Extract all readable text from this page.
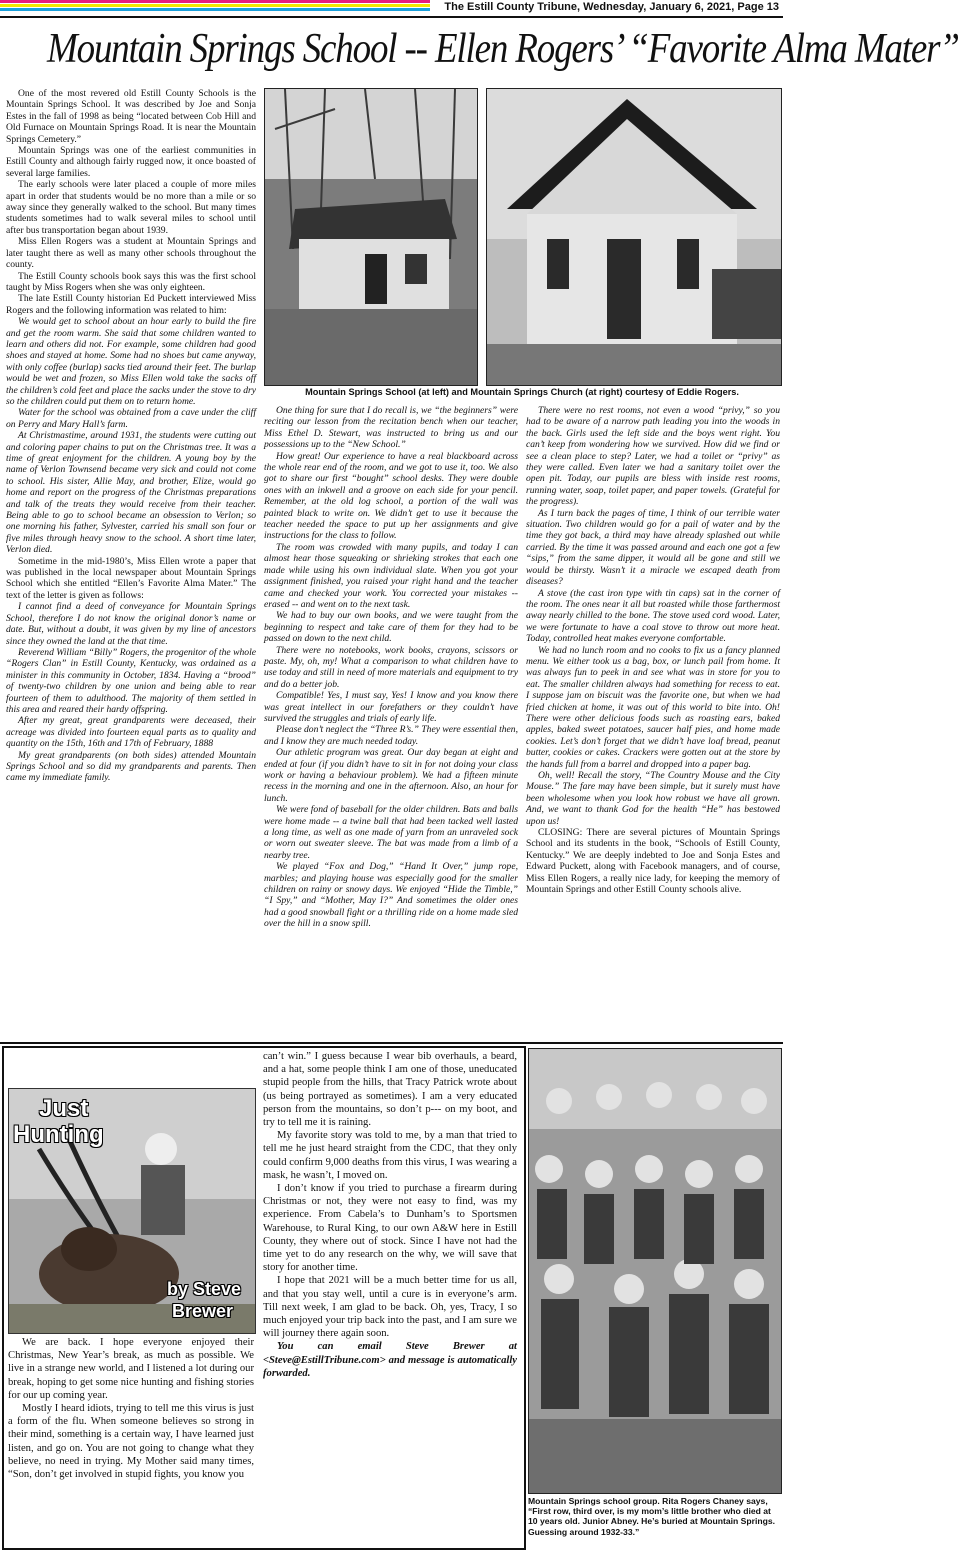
The Estill County Tribune, Wednesday, January 6, 2021, Page 13
Mountain Springs School -- Ellen Rogers’ “Favorite Alma Mater”

One of the most revered old Estill County Schools is the Mountain Springs School. It was described by Joe and Sonja Estes in the fall of 1998 as being “located between Cob Hill and Old Furnace on Mountain Springs Road. It is near the Mountain Springs Cemetery.”

Mountain Springs was one of the earliest communities in Estill County and although fairly rugged now, it once boasted of several large families.

The early schools were later placed a couple of more miles apart in order that students would be no more than a mile or so away since they generally walked to the school. But many times students sometimes had to walk several miles to school until after bus transportation began about 1939.

Miss Ellen Rogers was a student at Mountain Springs and later taught there as well as many other schools throughout the county.

The Estill County schools book says this was the first school taught by Miss Rogers when she was only eighteen.

The late Estill County historian Ed Puckett interviewed Miss Rogers and the following information was related to him:

We would get to school about an hour early to build the fire and get the room warm. She said that some children wanted to learn and others did not. For example, some children had good shoes and stayed at home. Some had no shoes but came anyway, with only coffee (burlap) sacks tied around their feet. The burlap would be wet and frozen, so Miss Ellen wold take the sacks off the children’s cold feet and place the sacks under the stove to dry so the children could put them on to return home.

Water for the school was obtained from a cave under the cliff on Perry and Mary Hall’s farm.

At Christmastime, around 1931, the students were cutting out and coloring paper chains to put on the Christmas tree. It was a time of great enjoyment for the children. A young boy by the name of Verlon Townsend became very sick and could not come to school. His sister, Allie May, and brother, Elize, would go home and report on the progress of the Christmas preparations and talk of the treats they would receive from their teacher. Being able to go to school became an obsession to Verlon; so one morning his father, Sylvester, carried his small son four or five miles through heavy snow to the school. A short time later, Verlon died.

Sometime in the mid-1980’s, Miss Ellen wrote a paper that was published in the local newspaper about Mountain Springs School which she entitled “Ellen’s Favorite Alma Mater.” The text of the letter is given as follows:

I cannot find a deed of conveyance for Mountain Springs School, therefore I do not know the original donor’s name or date. But, without a doubt, it was given by my line of ancestors since they owned the land at the that time.

Reverend William “Billy” Rogers, the progenitor of the whole “Rogers Clan” in Estill County, Kentucky, was ordained as a minister in this community in October, 1834. Having a “brood” of twenty-two children by one union and being able to rear fourteen of them to adulthood. The majority of them settled in this area and reared their hardy offspring.

After my great, great grandparents were deceased, their acreage was divided into fourteen equal parts as to quality and quantity on the 15th, 16th and 17th of February, 1888

My great grandparents (on both sides) attended Mountain Springs School and so did my grandparents and parents. Then came my immediate family.

Mountain Springs School (at left) and Mountain Springs Church (at right) courtesy of Eddie Rogers.

One thing for sure that I do recall is, we “the beginners” were reciting our lesson from the recitation bench when our teacher, Miss Ethel D. Stewart, was instructed to bring us and our possessions up to the “New School.”

How great! Our experience to have a real blackboard across the whole rear end of the room, and we got to use it, too. We also got to share our first “bought” school desks. They were double ones with an inkwell and a groove on each side for your pencil. Remember, at the old log school, a portion of the wall was painted black to write on. We didn’t get to use it because the teacher needed the space to put up her assignments and give instructions for the class to follow.

The room was crowded with many pupils, and today I can almost hear those squeaking or shrieking strokes that each one made while using his own individual slate. When you got your assignment finished, you raised your right hand and the teacher came and checked your work. You corrected your mistakes -- erased -- and went on to the next task.

We had to buy our own books, and we were taught from the beginning to respect and take care of them for they had to be passed on down to the next child.

There were no notebooks, work books, crayons, scissors or paste. My, oh, my! What a comparison to what children have to use today and still in need of more materials and equipment to try and do a better job.

Compatible! Yes, I must say, Yes! I know and you know there was great intellect in our forefathers or they couldn’t have survived the struggles and trials of early life.

Please don’t neglect the “Three R’s.” They were essential then, and I know they are much needed today.

Our athletic program was great. Our day began at eight and ended at four (if you didn’t have to sit in for not doing your class work or having a behaviour problem). We had a fifteen minute recess in the morning and one in the afternoon. Also, an hour for lunch.

We were fond of baseball for the older children. Bats and balls were home made -- a twine ball that had been tacked well lasted a long time, as well as one made of yarn from an unraveled sock or worn out sweater sleeve. The bat was made from a limb of a nearby tree.

We played “Fox and Dog,” “Hand It Over,” jump rope, marbles; and playing house was especially good for the smaller children on rainy or snowy days. We enjoyed “Hide the Timble,” “I Spy,” and “Mother, May I?” And sometimes the older ones had a good snowball fight or a thrilling ride on a home made sled over the hill in a snow spill.

There were no rest rooms, not even a wood “privy,” so you had to be aware of a narrow path leading you into the woods in the back. Girls used the left side and the boys went right. You can’t keep from wondering how we survived. How did we find or see a clean place to step? Later, we had a toilet or “privy” as they were called. Even later we had a sanitary toilet over the open pit. Today, our pupils are bless with inside rest rooms, running water, soap, toilet paper, and paper towels. (Grateful for the progress).

As I turn back the pages of time, I think of our terrible water situation. Two children would go for a pail of water and by the time they got back, a third may have already splashed out while carried. By the time it was passed around and each one got a few “sips,” from the same dipper, it would all be gone and still we would be thirsty. Wasn’t it a miracle we escaped death from diseases?

A stove (the cast iron type with tin caps) sat in the corner of the room. The ones near it all but roasted while those farthermost away nearly chilled to the bone. The stove used cord wood. Later, we were fortunate to have a coal stove to throw out more heat. Today, controlled heat makes everyone comfortable.

We had no lunch room and no cooks to fix us a fancy planned menu. We either took us a bag, box, or lunch pail from home. It was always fun to peek in and see what was in store for you to eat. The smaller children always had something for recess to eat. I suppose jam on biscuit was the favorite one, but when we had fried chicken at home, it was out of this world to bite into. Oh! There were other delicious foods such as roasting ears, baked apples, baked sweet potatoes, saucer half pies, and home made cookies. Let’s don’t forget that we didn’t have loaf bread, peanut butter, cookies or cakes. Crackers were gotten out at the store by the hands full from a barrel and dropped into a paper bag.

Oh, well! Recall the story, “The Country Mouse and the City Mouse.” The fare may have been simple, but it surely must have been wholesome when you look how robust we have all grown. And, we want to thank God for the health “He” has bestowed upon us!

CLOSING: There are several pictures of Mountain Springs School and its students in the book, “Schools of Estill County, Kentucky.” We are deeply indebted to Joe and Sonja Estes and Edward Puckett, along with Facebook managers, and of course, Miss Ellen Rogers, a really nice lady, for keeping the memory of Mountain Springs and other Estill County schools alive.

Just
Hunting
by Steve
Brewer

We are back. I hope everyone enjoyed their Christmas, New Year’s break, as much as possible. We live in a strange new world, and I listened a lot during our break, hoping to get some nice hunting and fishing stories for our up coming year.

Mostly I heard idiots, trying to tell me this virus is just a form of the flu. When someone believes so strong in their mind, something is a certain way, I have learned just listen, and go on. You are not going to change what they believe, no need in trying. My Mother said many times, “Son, don’t get involved in stupid fights, you know you

can’t win.” I guess because I wear bib overhauls, a beard, and a hat, some people think I am one of those, uneducated stupid people from the hills, that Tracy Patrick wrote about (us being portrayed as sometimes). I am a very educated person from the mountains, so don’t p--- on my boot, and try to tell me it is raining.

My favorite story was told to me, by a man that tried to tell me he just heard straight from the CDC, that they only could confirm 9,000 deaths from this virus, I was wearing a mask, he wasn’t, I moved on.

I don’t know if you tried to purchase a firearm during Christmas or not, they were not easy to find, was my experience. From Cabela’s to Dunham’s to Sportsmen Warehouse, to Rural King, to our own A&W here in Estill County, they where out of stock. Since I have not had the time yet to do any research on the why, we will save that story for another time.

I hope that 2021 will be a much better time for us all, and that you stay well, until a cure is in everyone’s arm. Till next week, I am glad to be back. Oh, yes, Tracy, I so much enjoyed your trip back into the past, and I am sure we will journey there again soon.

You can email Steve Brewer at <Steve@EstillTribune.com> and message is automatically forwarded.

Mountain Springs school group. Rita Rogers Chaney says, “First row, third over, is my mom’s little brother who died at 10 years old. Junior Abney. He’s buried at Mountain Springs. Guessing around 1932-33.”
